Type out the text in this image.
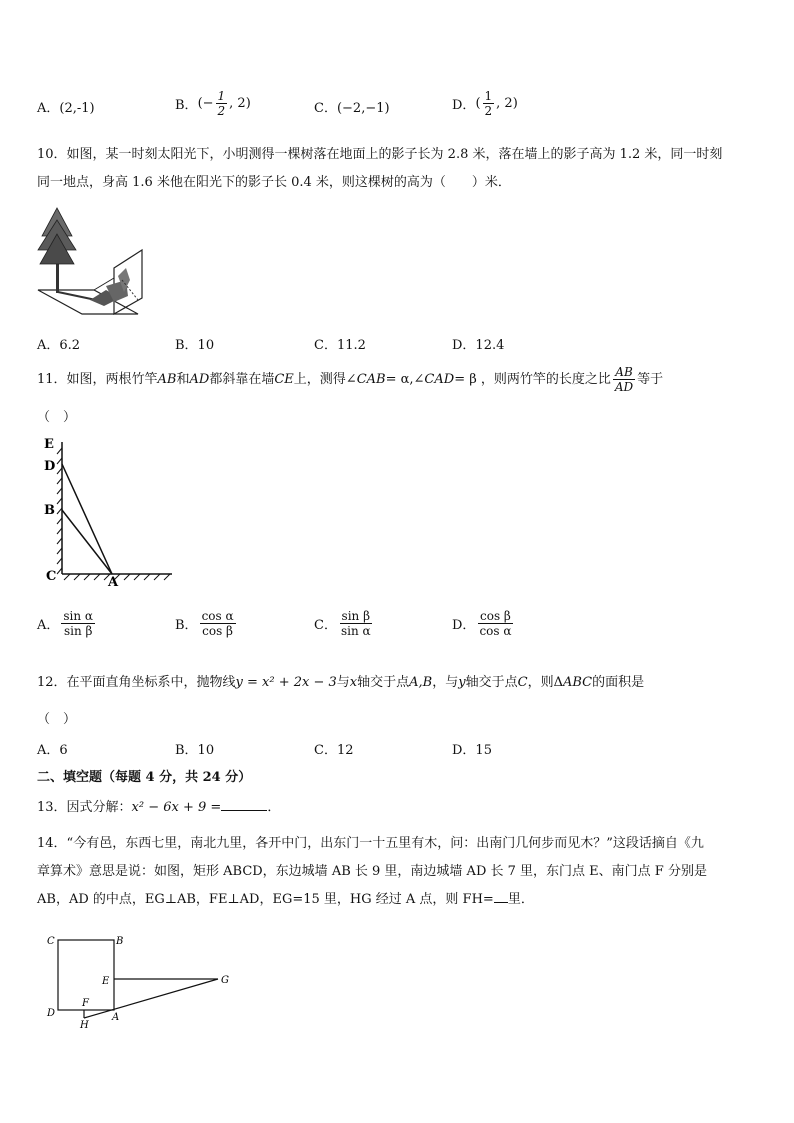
A．(2,-1)	B．(− $\frac{1}{2}$ , 2)	C．(−2,−1)	D．( $\frac{1}{2}$ , 2)
10．如图，某一时刻太阳光下，小明测得一棵树落在地面上的影子长为 2.8 米，落在墙上的影子高为 1.2 米，同一时刻
同一地点，身高 1.6 米他在阳光下的影子长 0.4 米，则这棵树的高为（　　）米．
A．6.2	B．10	C．11.2	D．12.4
11．如图，两根竹竿AB和AD都斜靠在墙CE上，测得∠CAB= α,∠CAD= β ，则两竹竿的长度之比 $\frac{AB}{AD}$ 等于
（　）
E
D
B
C	A
A． $\frac{\text{sin α}}{\text{sin β}}$	B． $\frac{\text{cos α}}{\text{cos β}}$	C． $\frac{\text{sin β}}{\text{sin α}}$	D． $\frac{\text{cos β}}{\text{cos α}}$
12．在平面直角坐标系中，抛物线y = x² + 2x − 3与x轴交于点A,B，与y轴交于点C，则ΔABC的面积是
（　）
A．6	B．10	C．12	D．15
二、填空题（每题 4 分，共 24 分）
13．因式分解：x² − 6x + 9 =	．
14．“今有邑，东西七里，南北九里，各开中门，出东门一十五里有木，问：出南门几何步而见木？”这段话摘自《九
章算术》意思是说：如图，矩形 ABCD，东边城墙 AB 长 9 里，南边城墙 AD 长 7 里，东门点 E、南门点 F 分别是
AB，AD 的中点，EG⊥AB，FE⊥AD，EG=15 里，HG 经过 A 点，则 FH= 里．
C	B
E	G
F
D	A
H
